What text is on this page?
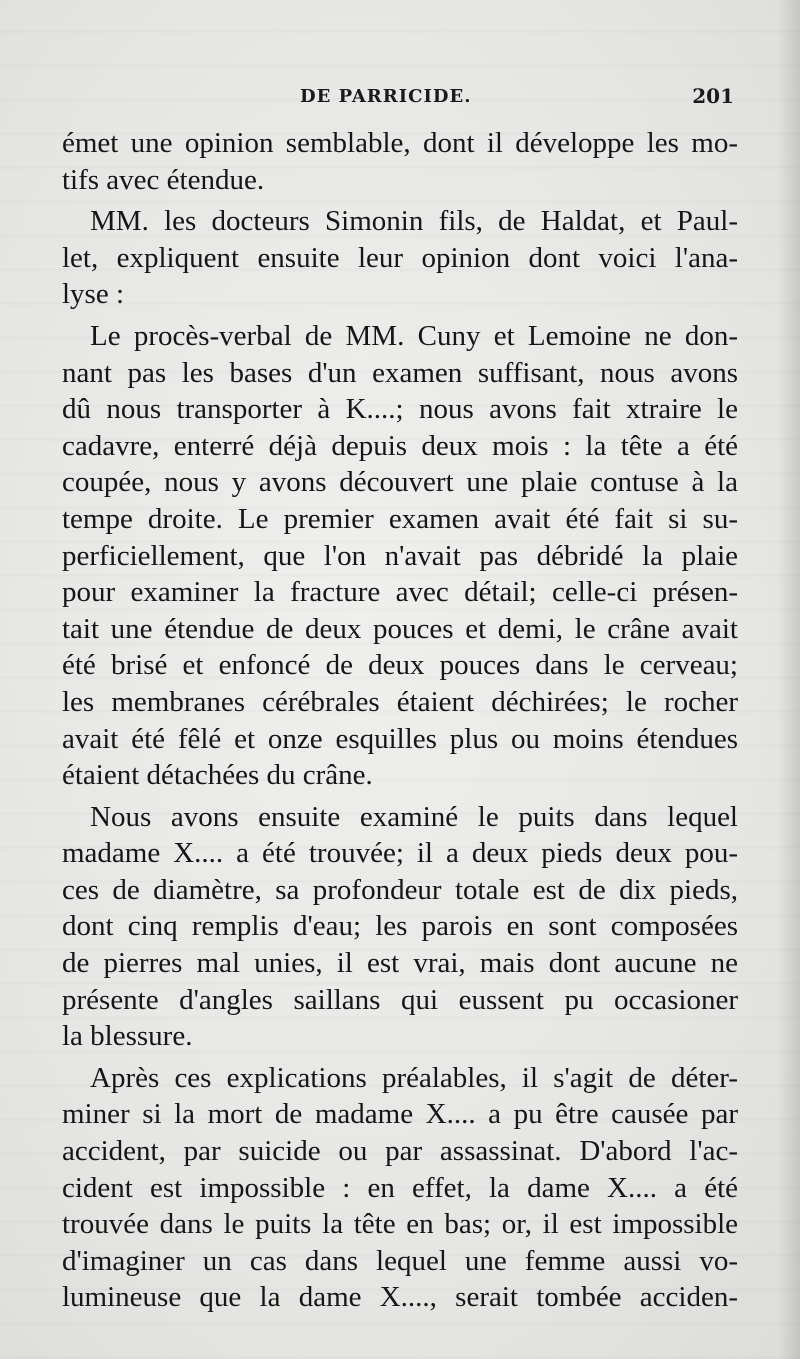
DE PARRICIDE.	201
émet une opinion semblable, dont il développe les mo-
tifs avec étendue.
MM. les docteurs Simonin fils, de Haldat, et Paul-
let, expliquent ensuite leur opinion dont voici l'ana-
lyse :
Le procès-verbal de MM. Cuny et Lemoine ne don-
nant pas les bases d'un examen suffisant, nous avons
dû nous transporter à K....; nous avons fait xtraire le
cadavre, enterré déjà depuis deux mois : la tête a été
coupée, nous y avons découvert une plaie contuse à la
tempe droite. Le premier examen avait été fait si su-
perficiellement, que l'on n'avait pas débridé la plaie
pour examiner la fracture avec détail; celle-ci présen-
tait une étendue de deux pouces et demi, le crâne avait
été brisé et enfoncé de deux pouces dans le cerveau;
les membranes cérébrales étaient déchirées; le rocher
avait été fêlé et onze esquilles plus ou moins étendues
étaient détachées du crâne.
Nous avons ensuite examiné le puits dans lequel
madame X.... a été trouvée; il a deux pieds deux pou-
ces de diamètre, sa profondeur totale est de dix pieds,
dont cinq remplis d'eau; les parois en sont composées
de pierres mal unies, il est vrai, mais dont aucune ne
présente d'angles saillans qui eussent pu occasioner
la blessure.
Après ces explications préalables, il s'agit de déter-
miner si la mort de madame X.... a pu être causée par
accident, par suicide ou par assassinat. D'abord l'ac-
cident est impossible : en effet, la dame X.... a été
trouvée dans le puits la tête en bas; or, il est impossible
d'imaginer un cas dans lequel une femme aussi vo-
lumineuse que la dame X...., serait tombée acciden-
